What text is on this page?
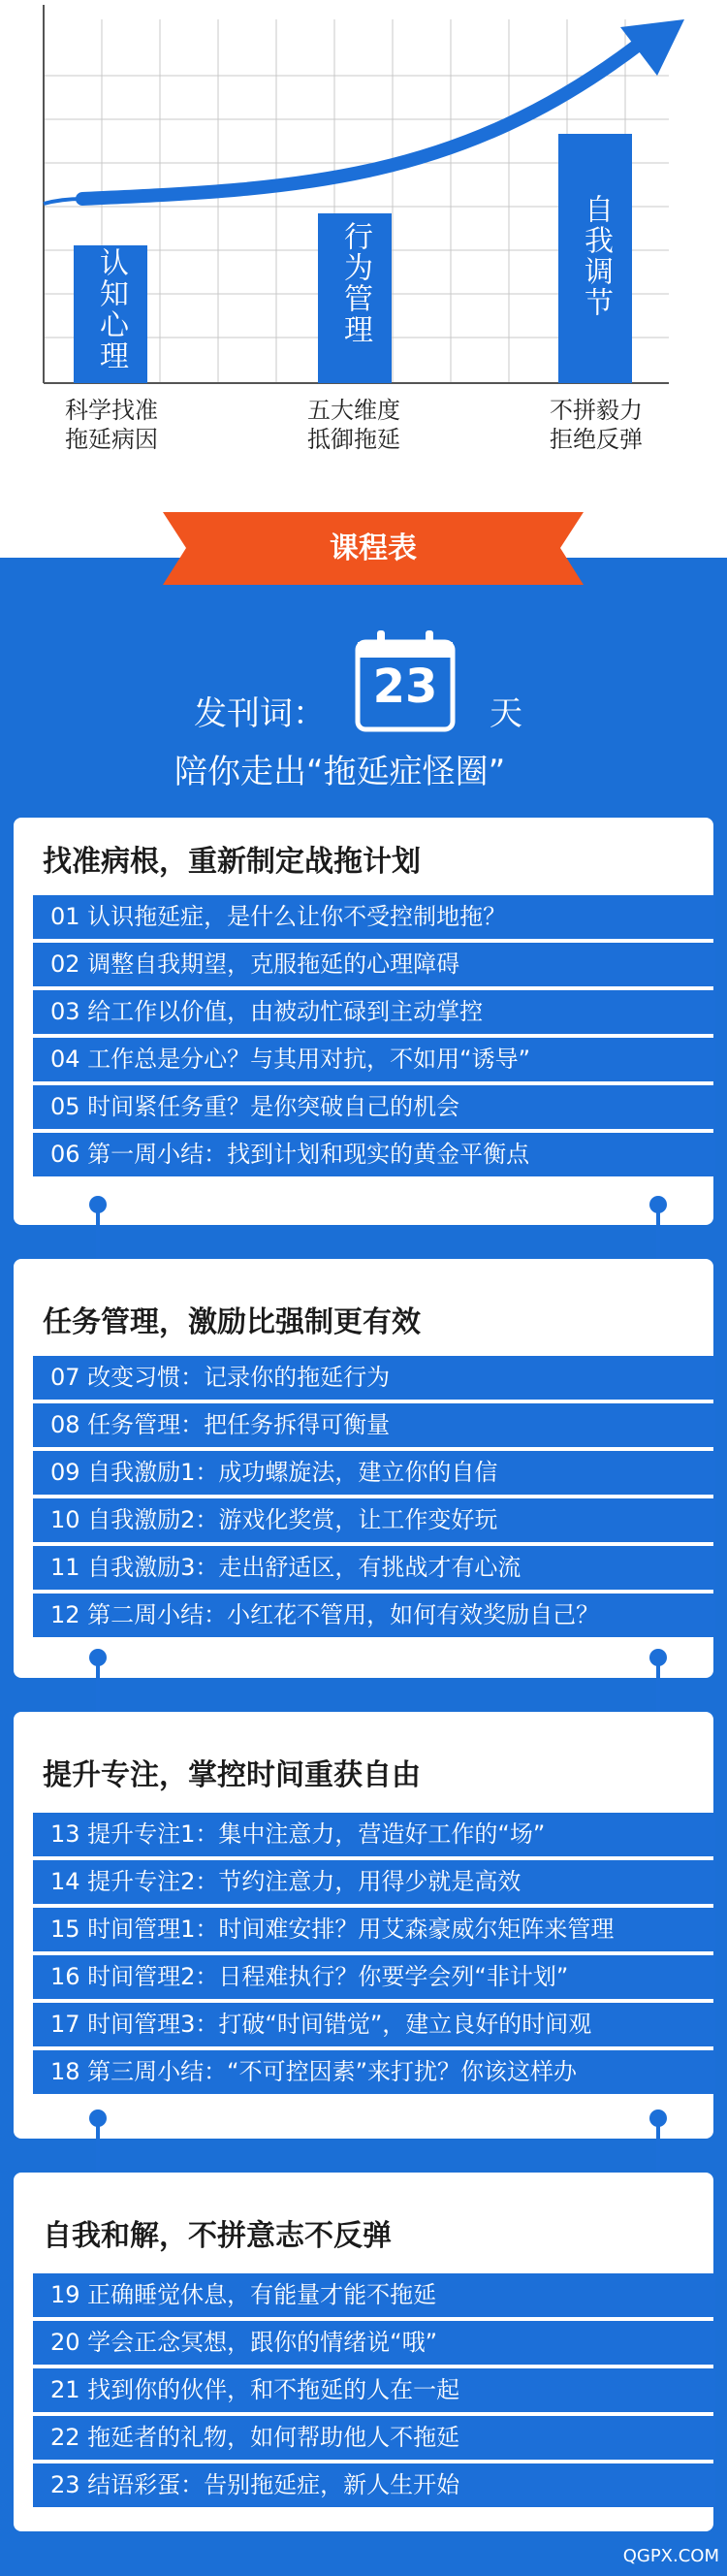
认知心理	行为管理	自我调节
科学找准
拖延病因
五大维度
抵御拖延
不拼毅力
拒绝反弹
课程表
发刊词：	23	天
陪你走出“拖延症怪圈”
找准病根，重新制定战拖计划
01 认识拖延症，是什么让你不受控制地拖？
02 调整自我期望，克服拖延的心理障碍
03 给工作以价值，由被动忙碌到主动掌控
04 工作总是分心？与其用对抗，不如用“诱导”
05 时间紧任务重？是你突破自己的机会
06 第一周小结：找到计划和现实的黄金平衡点
任务管理，激励比强制更有效
07 改变习惯：记录你的拖延行为
08 任务管理：把任务拆得可衡量
09 自我激励1：成功螺旋法，建立你的自信
10 自我激励2：游戏化奖赏，让工作变好玩
11 自我激励3：走出舒适区，有挑战才有心流
12 第二周小结：小红花不管用，如何有效奖励自己？
提升专注，掌控时间重获自由
13 提升专注1：集中注意力，营造好工作的“场”
14 提升专注2：节约注意力，用得少就是高效
15 时间管理1：时间难安排？用艾森豪威尔矩阵来管理
16 时间管理2：日程难执行？你要学会列“非计划”
17 时间管理3：打破“时间错觉”，建立良好的时间观
18 第三周小结：“不可控因素”来打扰？你该这样办
自我和解，不拼意志不反弹
19 正确睡觉休息，有能量才能不拖延
20 学会正念冥想，跟你的情绪说“哦”
21 找到你的伙伴，和不拖延的人在一起
22 拖延者的礼物，如何帮助他人不拖延
23 结语彩蛋：告别拖延症，新人生开始
QGPX.COM
